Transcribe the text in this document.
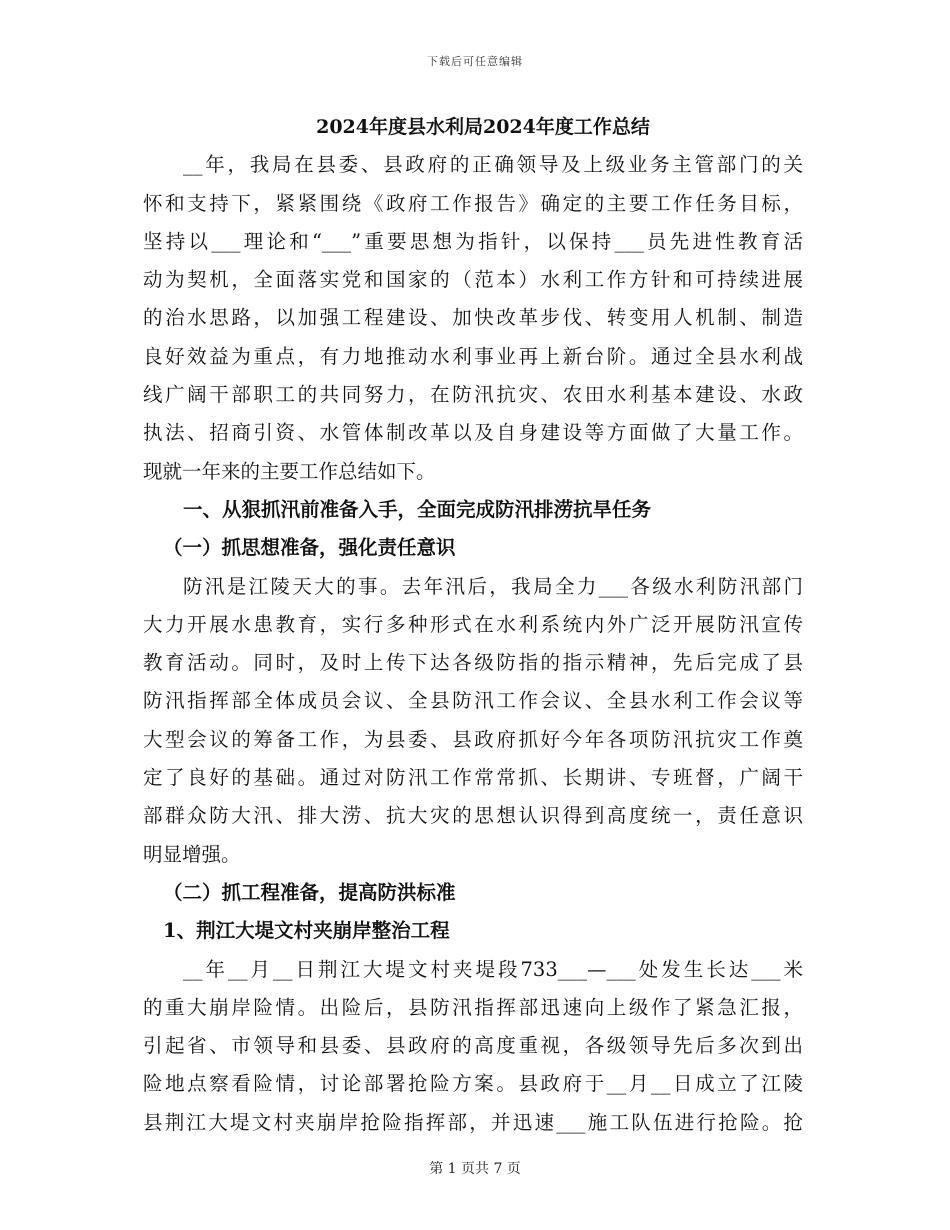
下载后可任意编辑
2024年度县水利局2024年度工作总结
__年，我局在县委、县政府的正确领导及上级业务主管部门的关
怀和支持下，紧紧围绕《政府工作报告》确定的主要工作任务目标，
坚持以___理论和“___”重要思想为指针，以保持___员先进性教育活
动为契机，全面落实党和国家的（范本）水利工作方针和可持续进展
的治水思路，以加强工程建设、加快改革步伐、转变用人机制、制造
良好效益为重点，有力地推动水利事业再上新台阶。通过全县水利战
线广阔干部职工的共同努力，在防汛抗灾、农田水利基本建设、水政
执法、招商引资、水管体制改革以及自身建设等方面做了大量工作。
现就一年来的主要工作总结如下。
一、从狠抓汛前准备入手，全面完成防汛排涝抗旱任务
（一）抓思想准备，强化责任意识
防汛是江陵天大的事。去年汛后，我局全力___各级水利防汛部门
大力开展水患教育，实行多种形式在水利系统内外广泛开展防汛宣传
教育活动。同时，及时上传下达各级防指的指示精神，先后完成了县
防汛指挥部全体成员会议、全县防汛工作会议、全县水利工作会议等
大型会议的筹备工作，为县委、县政府抓好今年各项防汛抗灾工作奠
定了良好的基础。通过对防汛工作常常抓、长期讲、专班督，广阔干
部群众防大汛、排大涝、抗大灾的思想认识得到高度统一，责任意识
明显增强。
（二）抓工程准备，提高防洪标准
1、荆江大堤文村夹崩岸整治工程
__年__月__日荆江大堤文村夹堤段733___—___处发生长达___米
的重大崩岸险情。出险后，县防汛指挥部迅速向上级作了紧急汇报，
引起省、市领导和县委、县政府的高度重视，各级领导先后多次到出
险地点察看险情，讨论部署抢险方案。县政府于__月__日成立了江陵
县荆江大堤文村夹崩岸抢险指挥部，并迅速___施工队伍进行抢险。抢
第 1 页共 7 页
